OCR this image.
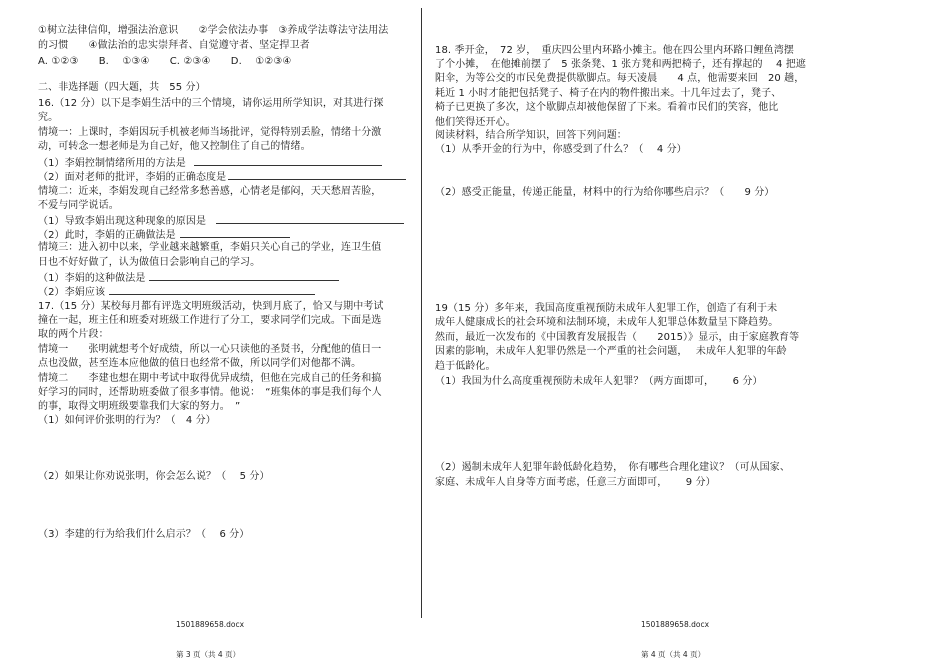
①树立法律信仰，增强法治意识　　②学会依法办事　③养成学法尊法守法用法
的习惯　　④做法治的忠实崇拜者、自觉遵守者、坚定捍卫者
A. ①②③　　B.　 ①③④　　C. ②③④　　D.　 ①②③④
二、非选择题（四大题，共　55 分）
16.（12 分）以下是李娟生活中的三个情境，请你运用所学知识，对其进行探
究。
情境一：上课时，李娟因玩手机被老师当场批评，觉得特别丢脸，情绪十分激
动，可转念一想老师是为自己好，他又控制住了自己的情绪。
（1）李娟控制情绪所用的方法是
（2）面对老师的批评，李娟的正确态度是
情境二：近来，李娟发现自己经常多愁善感，心情老是郁闷，天天愁眉苦脸，
不爱与同学说话。
（1）导致李娟出现这种现象的原因是
（2）此时，李娟的正确做法是
情境三：进入初中以来，学业越来越繁重，李娟只关心自己的学业，连卫生值
日也不好好做了，认为做值日会影响自己的学习。
（1）李娟的这种做法是
（2）李娟应该
17.（15 分）某校每月都有评选文明班级活动，快到月底了，恰又与期中考试
撞在一起，班主任和班委对班级工作进行了分工，要求同学们完成。下面是选
取的两个片段：
情境一　　张明就想考个好成绩，所以一心只读他的圣贤书，分配他的值日一
点也没做，甚至连本应他做的值日也经常不做，所以同学们对他都不满。
情境二　　李建也想在期中考试中取得优异成绩，但他在完成自己的任务和搞
好学习的同时，还帮助班委做了很多事情。他说：　“班集体的事是我们每个人
的事，取得文明班级要靠我们大家的努力。　”
（1）如何评价张明的行为？（　4 分）
（2）如果让你劝说张明，你会怎么说？（　 5 分）
（3）李建的行为给我们什么启示？（　 6 分）
1501889658.docx
第 3 页（共 4 页）
18. 季开金，　72 岁，　重庆四公里内环路小摊主。他在四公里内环路口鲤鱼湾摆
了个小摊，　在他摊前摆了　5 张条凳、1 张方凳和两把椅子，还有撑起的　 4 把遮
阳伞，为等公交的市民免费提供歇脚点。每天凌晨　　4 点，他需要来回　20 趟，
耗近 1 小时才能把包括凳子、椅子在内的物件搬出来。十几年过去了，凳子、
椅子已更换了多次，这个歇脚点却被他保留了下来。看着市民们的笑容，他比
他们笑得还开心。
阅读材料，结合所学知识，回答下列问题：
（1）从季开金的行为中，你感受到了什么？（　 4 分）
（2）感受正能量，传递正能量，材料中的行为给你哪些启示？（　　9 分）
19（15 分）多年来，我国高度重视预防未成年人犯罪工作，创造了有利于未
成年人健康成长的社会环境和法制环境，未成年人犯罪总体数量呈下降趋势。
然而，最近一次发布的《中国教育发展报告（　　2015）》显示，由于家庭教育等
因素的影响，未成年人犯罪仍然是一个严重的社会问题，　 未成年人犯罪的年龄
趋于低龄化。
（1）我国为什么高度重视预防未成年人犯罪？（两方面即可，　　 6 分）
（2）遏制未成年人犯罪年龄低龄化趋势，　你有哪些合理化建议？（可从国家、
家庭、未成年人自身等方面考虑，任意三方面即可，　　 9 分）
1501889658.docx
第 4 页（共 4 页）
